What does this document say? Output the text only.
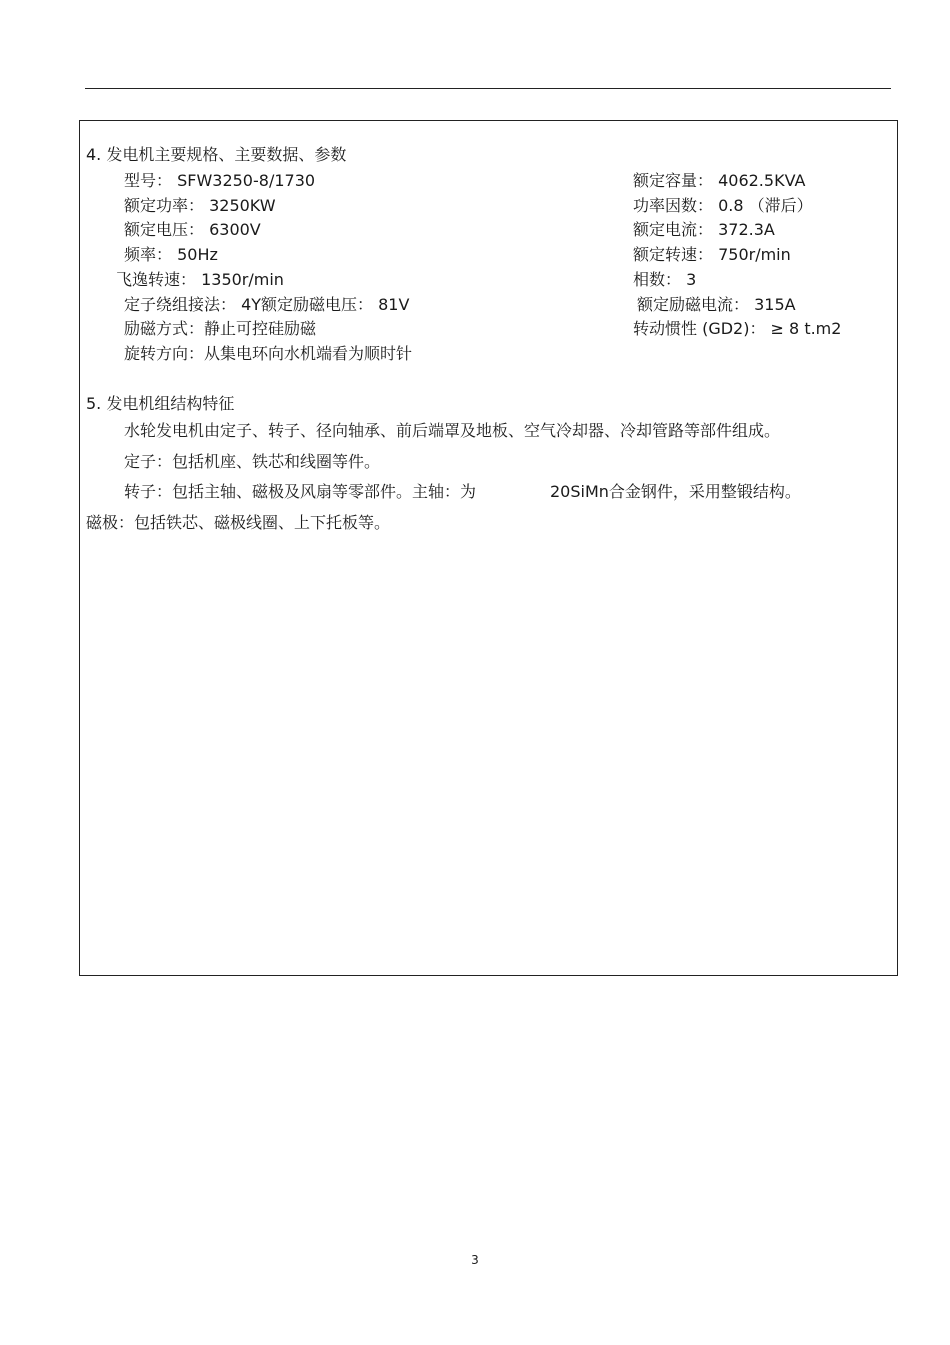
4. 发电机主要规格、主要数据、参数
型号： SFW3250-8/1730	额定容量： 4062.5KVA
额定功率： 3250KW	功率因数： 0.8 （滞后）
额定电压： 6300V	额定电流： 372.3A
频率： 50Hz	额定转速： 750r/min
飞逸转速： 1350r/min	相数： 3
定子绕组接法： 4Y额定励磁电压： 81V	额定励磁电流： 315A
励磁方式：静止可控硅励磁	转动惯性 (GD2)： ≥ 8 t.m2
旋转方向：从集电环向水机端看为顺时针
5. 发电机组结构特征
水轮发电机由定子、转子、径向轴承、前后端罩及地板、空气冷却器、冷却管路等部件组成。
定子：包括机座、铁芯和线圈等件。
转子：包括主轴、磁极及风扇等零部件。主轴：为	20SiMn合金钢件，采用整锻结构。
磁极：包括铁芯、磁极线圈、上下托板等。
3
